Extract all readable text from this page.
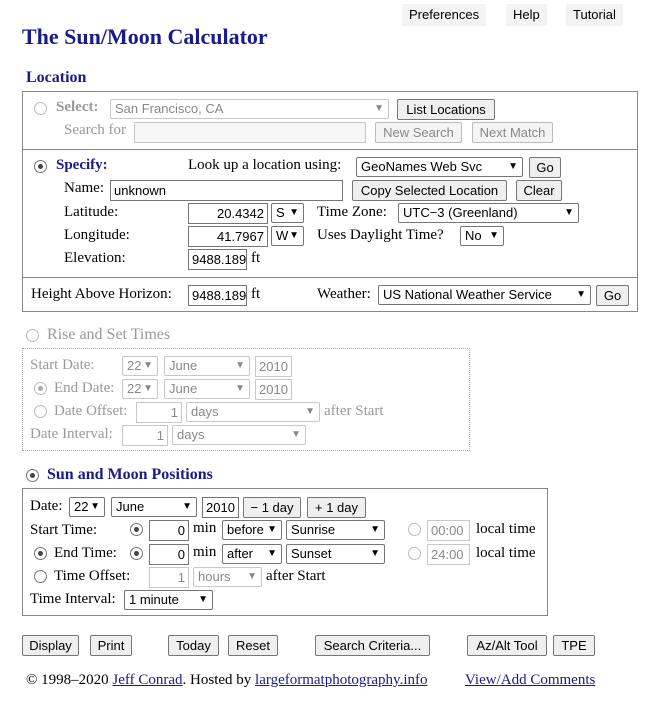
Preferences	Help	Tutorial
The Sun/Moon Calculator
Location
Select:	San Francisco, CA	▼	List Locations
Search for	New Search	Next Match
Specify:	Look up a location using:	GeoNames Web Svc	▼	Go
Name: unknown	Copy Selected Location	Clear
Latitude:	20.4342 S ▼ Time Zone:	UTC−3 (Greenland)	▼
Longitude:	41.7967 W ▼ Uses Daylight Time?	No ▼
Elevation:	9488.189 ft
Height Above Horizon:	9488.189 ft	Weather: US National Weather Service ▼	Go
Rise and Set Times
Start Date:	22 ▼	June	▼	2010
End Date: 22 ▼	June	▼	2010
Date Offset:	1	days	▼ after Start
Date Interval:	1	days	▼
Sun and Moon Positions
Date: 22 ▼	June	▼	2010	− 1 day	+ 1 day
Start Time:	0 min before ▼	Sunrise	▼	00:00 local time
End Time:	0 min after ▼	Sunset	▼	24:00 local time
Time Offset:	1	hours ▼ after Start
Time Interval:	1 minute ▼
Display	Print	Today	Reset	Search Criteria...	Az/Alt Tool	TPE
© 1998–2020 Jeff Conrad. Hosted by largeformatphotography.info	View/Add Comments
